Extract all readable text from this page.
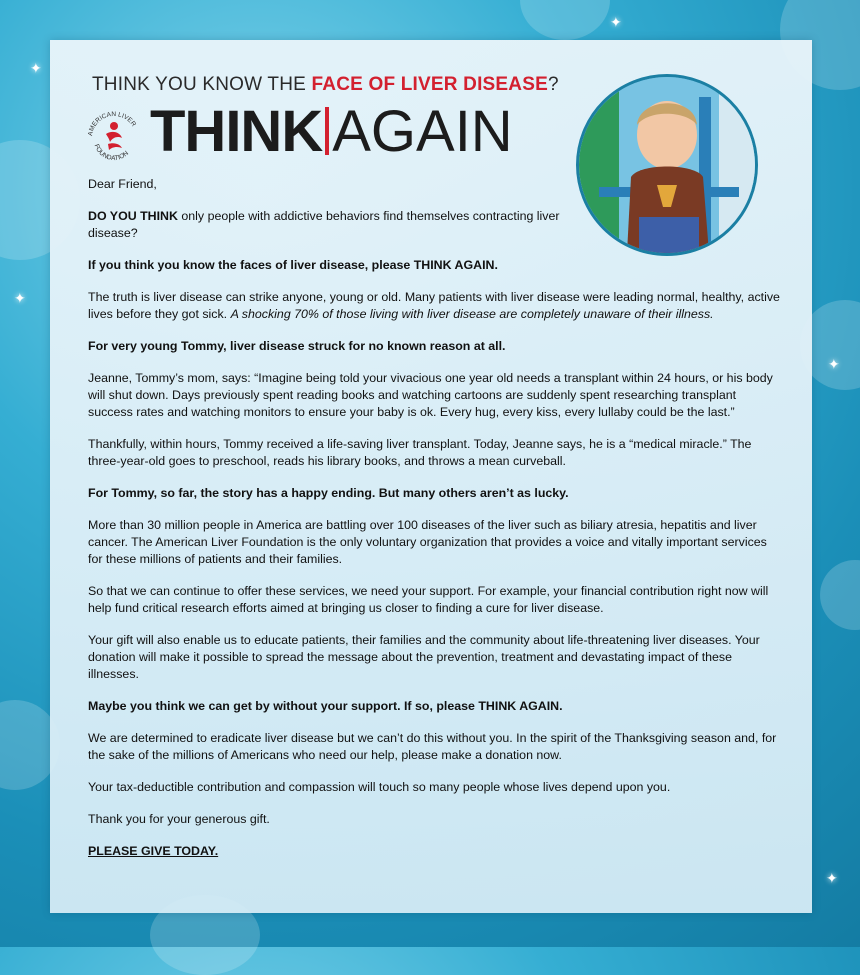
✦
✦
✦
✦
✦
THINK YOU KNOW THE FACE OF LIVER DISEASE?
AMERICAN LIVER
FOUNDATION THINK AGAIN

Dear Friend,

DO YOU THINK only people with addictive behaviors find themselves contracting liver disease?

If you think you know the faces of liver disease, please THINK AGAIN.

The truth is liver disease can strike anyone, young or old. Many patients with liver disease were leading normal, healthy, active lives before they got sick. A shocking 70% of those living with liver disease are completely unaware of their illness.

For very young Tommy, liver disease struck for no known reason at all.

Jeanne, Tommy’s mom, says: “Imagine being told your vivacious one year old needs a transplant within 24 hours, or his body will shut down. Days previously spent reading books and watching cartoons are suddenly spent researching transplant success rates and watching monitors to ensure your baby is ok. Every hug, every kiss, every lullaby could be the last.”

Thankfully, within hours, Tommy received a life-saving liver transplant. Today, Jeanne says, he is a “medical miracle.” The three-year-old goes to preschool, reads his library books, and throws a mean curveball.

For Tommy, so far, the story has a happy ending. But many others aren’t as lucky.

More than 30 million people in America are battling over 100 diseases of the liver such as biliary atresia, hepatitis and liver cancer. The American Liver Foundation is the only voluntary organization that provides a voice and vitally important services for these millions of patients and their families.

So that we can continue to offer these services, we need your support. For example, your financial contribution right now will help fund critical research efforts aimed at bringing us closer to finding a cure for liver disease.

Your gift will also enable us to educate patients, their families and the community about life-threatening liver diseases. Your donation will make it possible to spread the message about the prevention, treatment and devastating impact of these illnesses.

Maybe you think we can get by without your support. If so, please THINK AGAIN.

We are determined to eradicate liver disease but we can’t do this without you. In the spirit of the Thanksgiving season and, for the sake of the millions of Americans who need our help, please make a donation now.

Your tax-deductible contribution and compassion will touch so many people whose lives depend upon you.

Thank you for your generous gift.

PLEASE GIVE TODAY.
